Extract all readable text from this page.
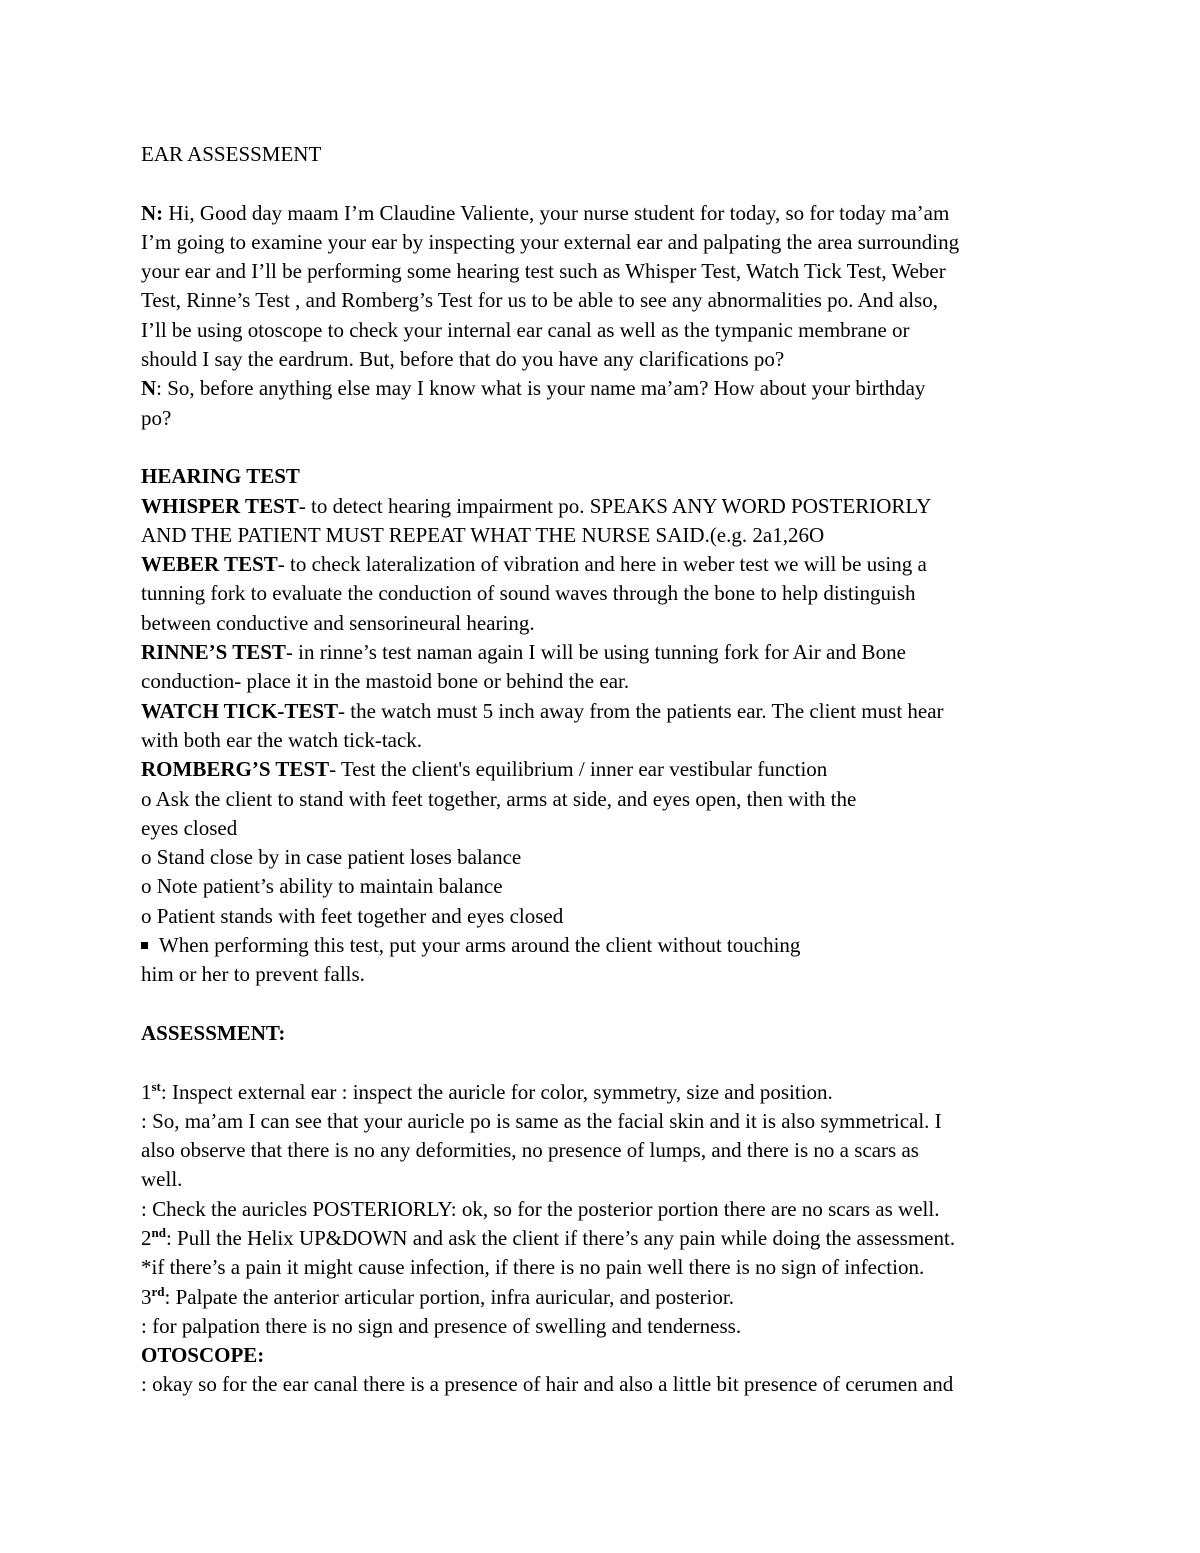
EAR ASSESSMENT
N: Hi, Good day maam I’m Claudine Valiente, your nurse student for today, so for today ma’am
I’m going to examine your ear by inspecting your external ear and palpating the area surrounding
your ear and I’ll be performing some hearing test such as Whisper Test, Watch Tick Test, Weber
Test, Rinne’s Test , and Romberg’s Test for us to be able to see any abnormalities po. And also,
I’ll be using otoscope to check your internal ear canal as well as the tympanic membrane or
should I say the eardrum. But, before that do you have any clarifications po?
N: So, before anything else may I know what is your name ma’am? How about your birthday
po?
HEARING TEST
WHISPER TEST- to detect hearing impairment po. SPEAKS ANY WORD POSTERIORLY
AND THE PATIENT MUST REPEAT WHAT THE NURSE SAID.(e.g. 2a1,26O
WEBER TEST- to check lateralization of vibration and here in weber test we will be using a
tunning fork to evaluate the conduction of sound waves through the bone to help distinguish
between conductive and sensorineural hearing.
RINNE’S TEST- in rinne’s test naman again I will be using tunning fork for Air and Bone
conduction- place it in the mastoid bone or behind the ear.
WATCH TICK-TEST- the watch must 5 inch away from the patients ear. The client must hear
with both ear the watch tick-tack.
ROMBERG’S TEST- Test the client's equilibrium / inner ear vestibular function
o Ask the client to stand with feet together, arms at side, and eyes open, then with the
eyes closed
o Stand close by in case patient loses balance
o Note patient’s ability to maintain balance
o Patient stands with feet together and eyes closed
When performing this test, put your arms around the client without touching
him or her to prevent falls.
ASSESSMENT:
1st: Inspect external ear : inspect the auricle for color, symmetry, size and position.
: So, ma’am I can see that your auricle po is same as the facial skin and it is also symmetrical. I
also observe that there is no any deformities, no presence of lumps, and there is no a scars as
well.
: Check the auricles POSTERIORLY: ok, so for the posterior portion there are no scars as well.
2nd: Pull the Helix UP&DOWN and ask the client if there’s any pain while doing the assessment.
*if there’s a pain it might cause infection, if there is no pain well there is no sign of infection.
3rd: Palpate the anterior articular portion, infra auricular, and posterior.
: for palpation there is no sign and presence of swelling and tenderness.
OTOSCOPE:
: okay so for the ear canal there is a presence of hair and also a little bit presence of cerumen and
